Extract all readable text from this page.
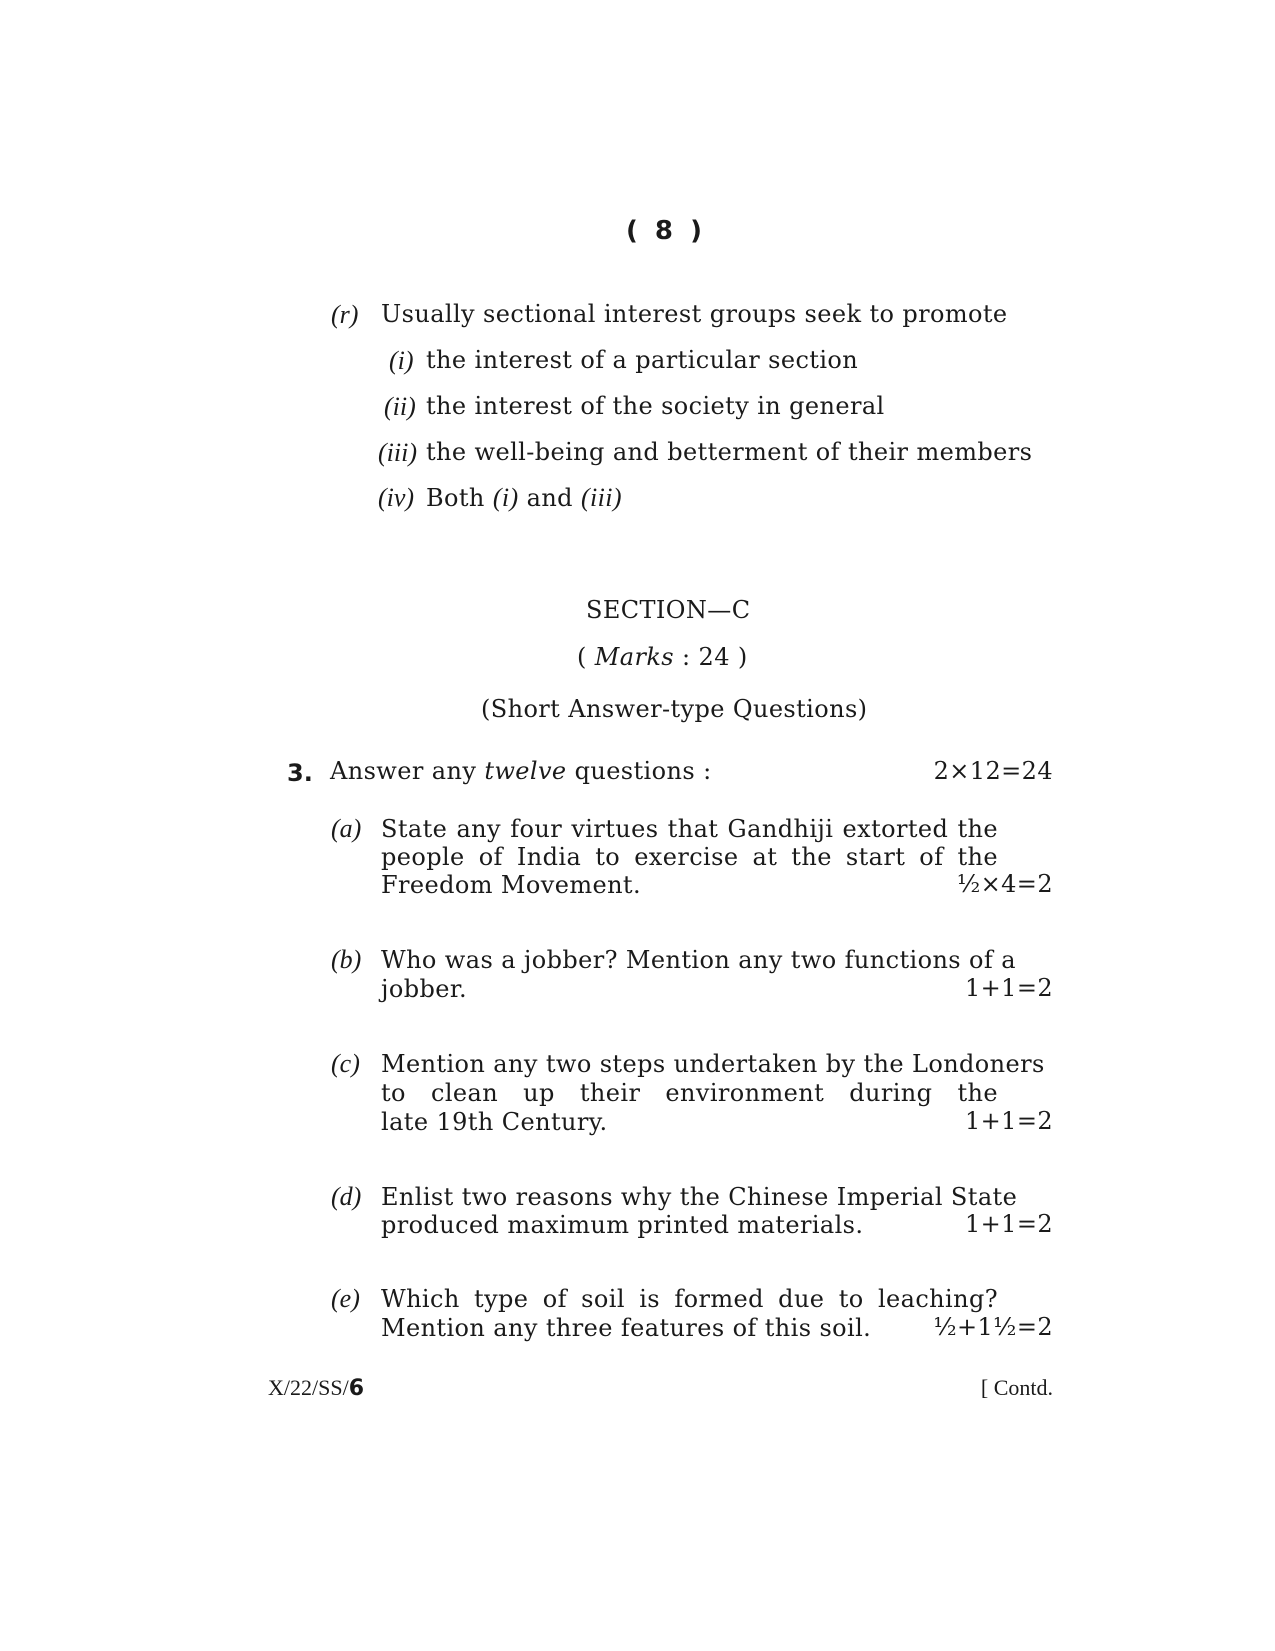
( 8 )
(r) Usually sectional interest groups seek to promote
(i) the interest of a particular section
(ii) the interest of the society in general
(iii) the well-being and betterment of their members
(iv) Both (i) and (iii)
SECTION—C
( Marks : 24 )
(Short Answer-type Questions)
3. Answer any twelve questions :	2×12=24
(a) State any four virtues that Gandhiji extorted the
people of India to exercise at the start of the
Freedom Movement.	½×4=2
(b) Who was a jobber? Mention any two functions of a
jobber.	1+1=2
(c) Mention any two steps undertaken by the Londoners
to clean up their environment during the
late 19th Century.	1+1=2
(d) Enlist two reasons why the Chinese Imperial State
produced maximum printed materials.	1+1=2
(e) Which type of soil is formed due to leaching?
Mention any three features of this soil.	½+1½=2
X/22/SS/6	[ Contd.
